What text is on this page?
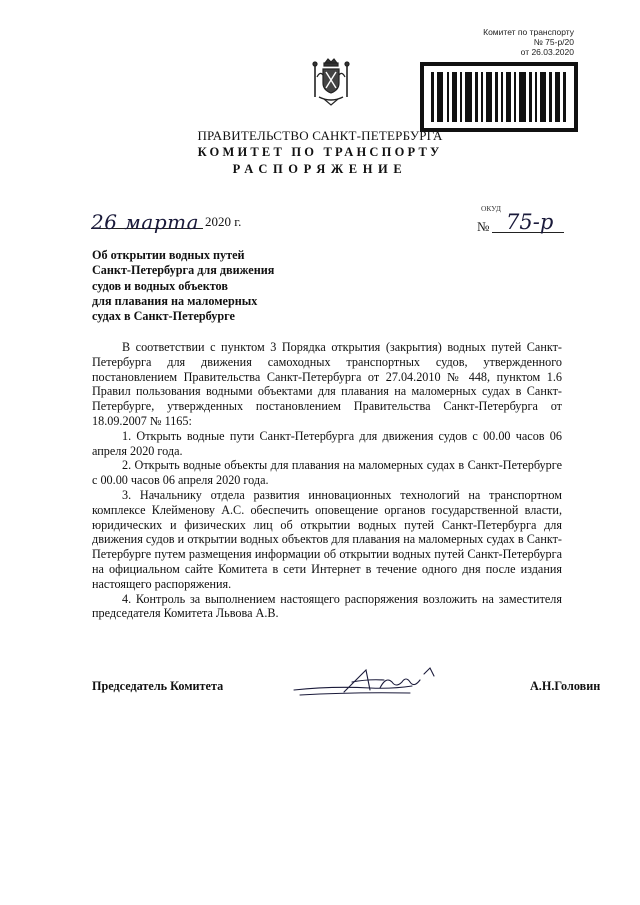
Комитет по транспорту
№ 75-р/20
от 26.03.2020
ПРАВИТЕЛЬСТВО САНКТ-ПЕТЕРБУРГА
КОМИТЕТ ПО ТРАНСПОРТУ
РАСПОРЯЖЕНИЕ
ОКУД
№ 75-р
26 марта 2020 г.
Об открытии водных путей
Санкт-Петербурга для движения
судов и водных объектов
для плавания на маломерных
судах в Санкт-Петербурге

В соответствии с пунктом 3 Порядка открытия (закрытия) водных путей Санкт-Петербурга для движения самоходных транспортных судов, утвержденного постановлением Правительства Санкт-Петербурга от 27.04.2010 № 448, пунктом 1.6 Правил пользования водными объектами для плавания на маломерных судах в Санкт-Петербурге, утвержденных постановлением Правительства Санкт-Петербурга от 18.09.2007 № 1165:

1. Открыть водные пути Санкт-Петербурга для движения судов с 00.00 часов 06 апреля 2020 года.

2. Открыть водные объекты для плавания на маломерных судах в Санкт-Петербурге с 00.00 часов 06 апреля 2020 года.

3. Начальнику отдела развития инновационных технологий на транспортном комплексе Клейменову А.С. обеспечить оповещение органов государственной власти, юридических и физических лиц об открытии водных путей Санкт-Петербурга для движения судов и открытии водных объектов для плавания на маломерных судах в Санкт-Петербурге путем размещения информации об открытии водных путей Санкт-Петербурга на официальном сайте Комитета в сети Интернет в течение одного дня после издания настоящего распоряжения.

4. Контроль за выполнением настоящего распоряжения возложить на заместителя председателя Комитета Львова А.В.

Председатель Комитета	А.Н.Головин
